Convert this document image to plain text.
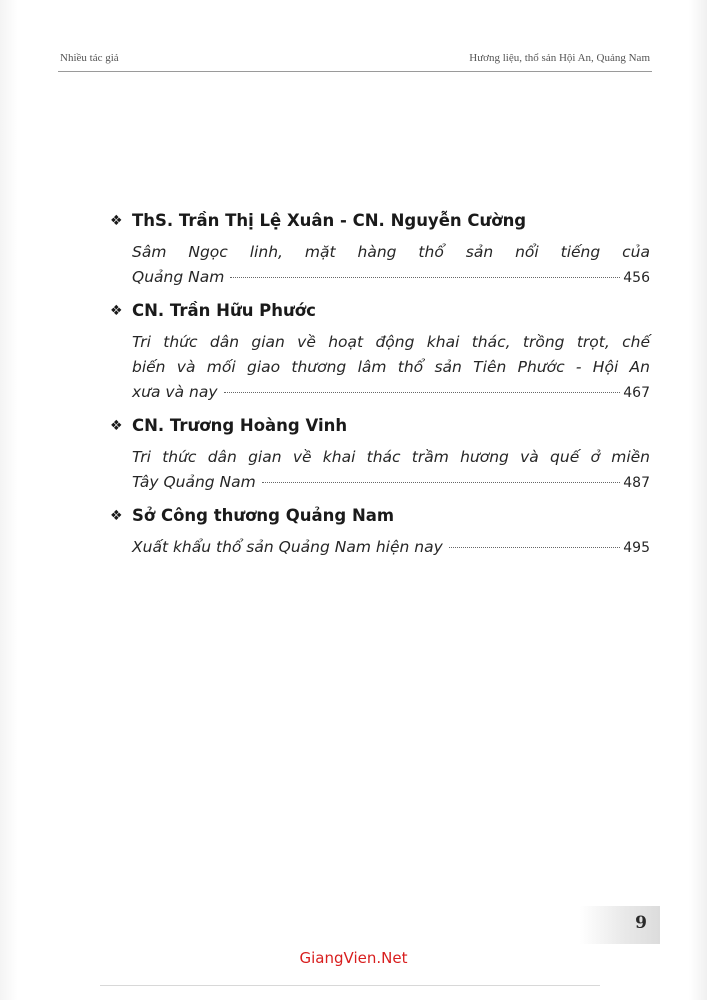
Nhiều tác giả	Hương liệu, thổ sản Hội An, Quảng Nam
❖ ThS. Trần Thị Lệ Xuân - CN. Nguyễn Cường
Sâm Ngọc linh, mặt hàng thổ sản nổi tiếng của
Quảng Nam	456
❖ CN. Trần Hữu Phước
Tri thức dân gian về hoạt động khai thác, trồng trọt, chế
biến và mối giao thương lâm thổ sản Tiên Phước - Hội An
xưa và nay	467
❖ CN. Trương Hoàng Vinh
Tri thức dân gian về khai thác trầm hương và quế ở miền
Tây Quảng Nam	487
❖ Sở Công thương Quảng Nam
Xuất khẩu thổ sản Quảng Nam hiện nay	495
9
GiangVien.Net
